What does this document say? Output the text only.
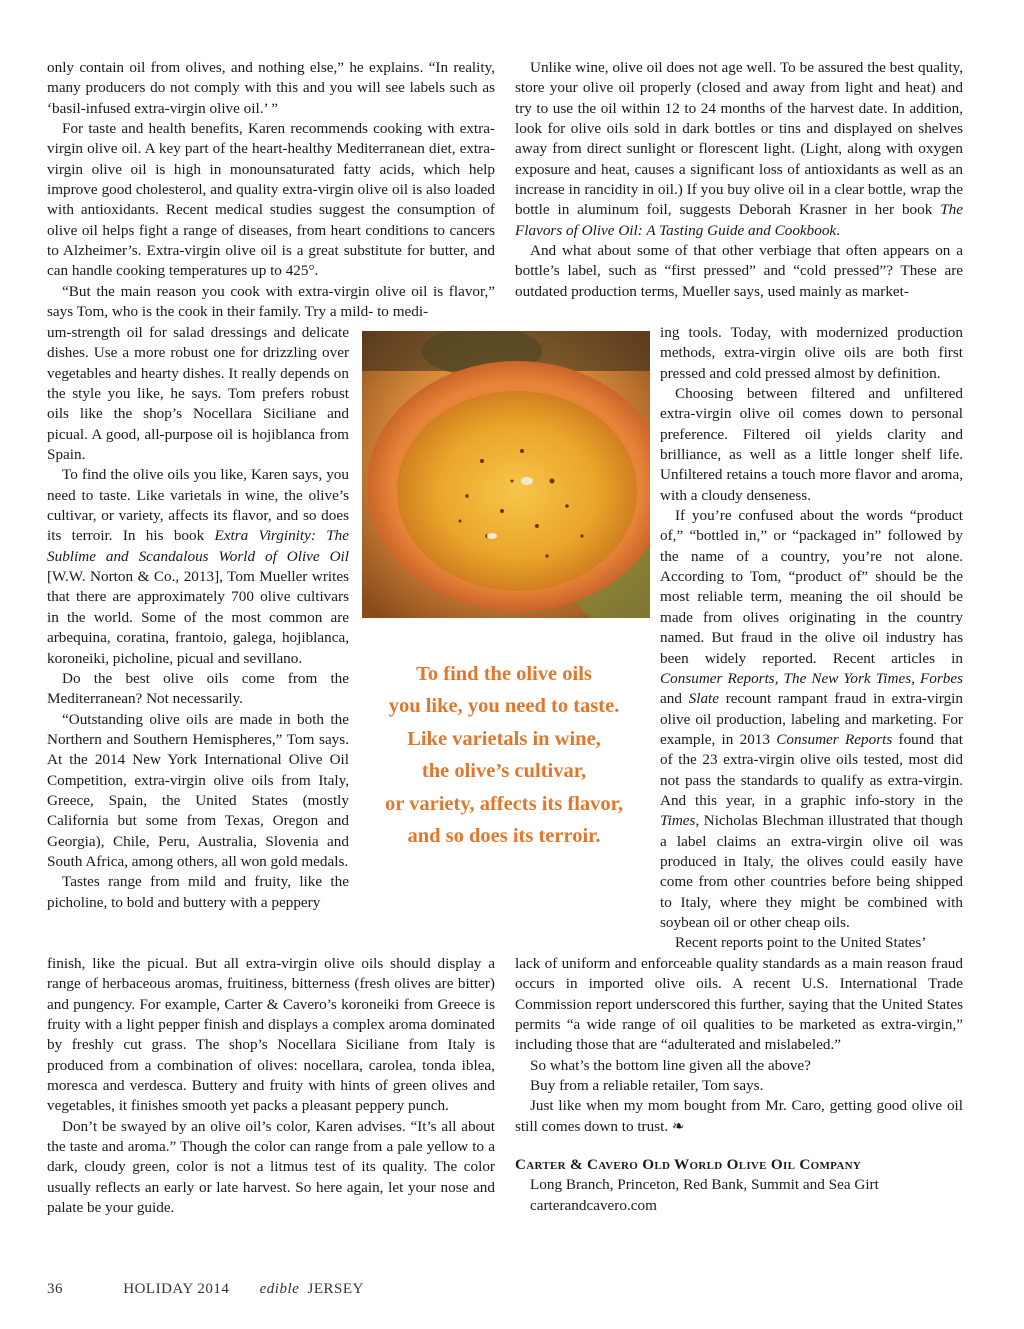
only contain oil from olives, and nothing else,” he explains. “In reality, many producers do not comply with this and you will see labels such as ‘basil-infused extra-virgin olive oil.’ ”

For taste and health benefits, Karen recommends cooking with extra-virgin olive oil. A key part of the heart-healthy Mediterranean diet, extra-virgin olive oil is high in monounsaturated fatty acids, which help improve good cholesterol, and quality extra-virgin olive oil is also loaded with antioxidants. Recent medical studies suggest the consumption of olive oil helps fight a range of diseases, from heart conditions to cancers to Alzheimer’s. Extra-virgin olive oil is a great substitute for butter, and can handle cooking temperatures up to 425°.

“But the main reason you cook with extra-virgin olive oil is flavor,” says Tom, who is the cook in their family. Try a mild- to medi-

um-strength oil for salad dressings and delicate dishes. Use a more robust one for drizzling over vegetables and hearty dishes. It really depends on the style you like, he says. Tom prefers robust oils like the shop’s Nocellara Siciliane and picual. A good, all-purpose oil is hojiblanca from Spain.

To find the olive oils you like, Karen says, you need to taste. Like varietals in wine, the olive’s cultivar, or variety, affects its flavor, and so does its terroir. In his book Extra Virginity: The Sublime and Scandalous World of Olive Oil [W.W. Norton & Co., 2013], Tom Mueller writes that there are approximately 700 olive cultivars in the world. Some of the most common are arbequina, coratina, frantoio, galega, hojiblanca, koroneiki, picholine, picual and sevillano.

Do the best olive oils come from the Mediterranean? Not necessarily.

“Outstanding olive oils are made in both the Northern and Southern Hemispheres,” Tom says. At the 2014 New York International Olive Oil Competition, extra-virgin olive oils from Italy, Greece, Spain, the United States (mostly California but some from Texas, Oregon and Georgia), Chile, Peru, Australia, Slovenia and South Africa, among others, all won gold medals.

Tastes range from mild and fruity, like the picholine, to bold and buttery with a peppery

finish, like the picual. But all extra-virgin olive oils should display a range of herbaceous aromas, fruitiness, bitterness (fresh olives are bitter) and pungency. For example, Carter & Cavero’s koroneiki from Greece is fruity with a light pepper finish and displays a complex aroma dominated by freshly cut grass. The shop’s Nocellara Siciliane from Italy is produced from a combination of olives: nocellara, carolea, tonda iblea, moresca and verdesca. Buttery and fruity with hints of green olives and vegetables, it finishes smooth yet packs a pleasant peppery punch.

Don’t be swayed by an olive oil’s color, Karen advises. “It’s all about the taste and aroma.” Though the color can range from a pale yellow to a dark, cloudy green, color is not a litmus test of its quality. The color usually reflects an early or late harvest. So here again, let your nose and palate be your guide.

Unlike wine, olive oil does not age well. To be assured the best quality, store your olive oil properly (closed and away from light and heat) and try to use the oil within 12 to 24 months of the harvest date. In addition, look for olive oils sold in dark bottles or tins and displayed on shelves away from direct sunlight or florescent light. (Light, along with oxygen exposure and heat, causes a significant loss of antioxidants as well as an increase in rancidity in oil.) If you buy olive oil in a clear bottle, wrap the bottle in aluminum foil, suggests Deborah Krasner in her book The Flavors of Olive Oil: A Tasting Guide and Cookbook.

And what about some of that other verbiage that often appears on a bottle’s label, such as “first pressed” and “cold pressed”? These are outdated production terms, Mueller says, used mainly as market-

ing tools. Today, with modernized production methods, extra-virgin olive oils are both first pressed and cold pressed almost by definition.

Choosing between filtered and unfiltered extra-virgin olive oil comes down to personal preference. Filtered oil yields clarity and brilliance, as well as a little longer shelf life. Unfiltered retains a touch more flavor and aroma, with a cloudy denseness.

If you’re confused about the words “product of,” “bottled in,” or “packaged in” followed by the name of a country, you’re not alone. According to Tom, “product of” should be the most reliable term, meaning the oil should be made from olives originating in the country named. But fraud in the olive oil industry has been widely reported. Recent articles in Consumer Reports, The New York Times, Forbes and Slate recount rampant fraud in extra-virgin olive oil production, labeling and marketing. For example, in 2013 Consumer Reports found that of the 23 extra-virgin olive oils tested, most did not pass the standards to qualify as extra-virgin. And this year, in a graphic info-story in the Times, Nicholas Blechman illustrated that though a label claims an extra-virgin olive oil was produced in Italy, the olives could easily have come from other countries before being shipped to Italy, where they might be combined with soybean oil or other cheap oils.

Recent reports point to the United States’

lack of uniform and enforceable quality standards as a main reason fraud occurs in imported olive oils. A recent U.S. International Trade Commission report underscored this further, saying that the United States permits “a wide range of oil qualities to be marketed as extra-virgin,” including those that are “adulterated and mislabeled.”

So what’s the bottom line given all the above?

Buy from a reliable retailer, Tom says.

Just like when my mom bought from Mr. Caro, getting good olive oil still comes down to trust. ❧

Carter & Cavero Old World Olive Oil Company

Long Branch, Princeton, Red Bank, Summit and Sea Girt

carterandcavero.com

To find the olive oils
you like, you need to taste.
Like varietals in wine,
the olive’s cultivar,
or variety, affects its flavor,
and so does its terroir.
36	HOLIDAY 2014 edible JERSEY
